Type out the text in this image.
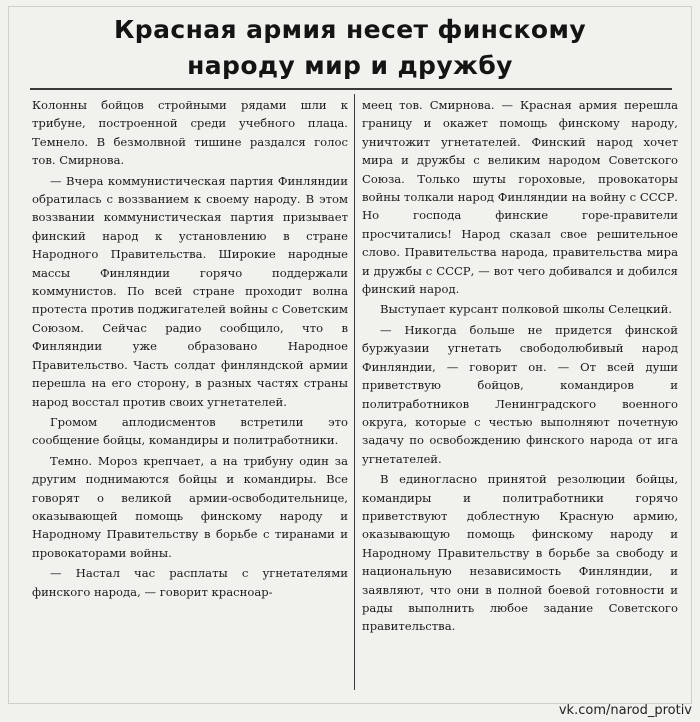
Красная армия несет финскому
народу мир и дружбу

Колонны бойцов стройными рядами шли к трибуне, построенной среди учебного плаца. Темнело. В безмолвной тишине раздался голос тов. Смирнова.

— Вчера коммунистическая партия Финляндии обратилась с воззванием к своему народу. В этом воззвании коммунистическая партия призывает финский народ к установлению в стране Народного Правительства. Широкие народные массы Финляндии горячо поддержали коммунистов. По всей стране проходит волна протеста против поджигателей войны с Советским Союзом. Сейчас радио сообщило, что в Финляндии уже образовано Народное Правительство. Часть солдат финляндской армии перешла на его сторону, в разных частях страны народ восстал против своих угнетателей.

Громом аплодисментов встретили это сообщение бойцы, командиры и политработники.

Темно. Мороз крепчает, а на трибуну один за другим поднимаются бойцы и командиры. Все говорят о великой армии-освободительнице, оказывающей помощь финскому народу и Народному Правительству в борьбе с тиранами и провокаторами войны.

— Настал час расплаты с угнетателями финского народа, — говорит красноар-

меец тов. Смирнова. — Красная армия перешла границу и окажет помощь финскому народу, уничтожит угнетателей. Финский народ хочет мира и дружбы с великим народом Советского Союза. Только шуты гороховые, провокаторы войны толкали народ Финляндии на войну с СССР. Но господа финские горе-правители просчитались! Народ сказал свое решительное слово. Правительства народа, правительства мира и дружбы с СССР, — вот чего добивался и добился финский народ.

Выступает курсант полковой школы Селецкий.

— Никогда больше не придется финской буржуазии угнетать свободолюбивый народ Финляндии, — говорит он. — От всей души приветствую бойцов, командиров и политработников Ленинградского военного округа, которые с честью выполняют почетную задачу по освобождению финского народа от ига угнетателей.

В единогласно принятой резолюции бойцы, командиры и политработники горячо приветствуют доблестную Красную армию, оказывающую помощь финскому народу и Народному Правительству в борьбе за свободу и национальную независимость Финляндии, и заявляют, что они в полной боевой готовности и рады выполнить любое задание Советского правительства.

vk.com/narod_protiv
